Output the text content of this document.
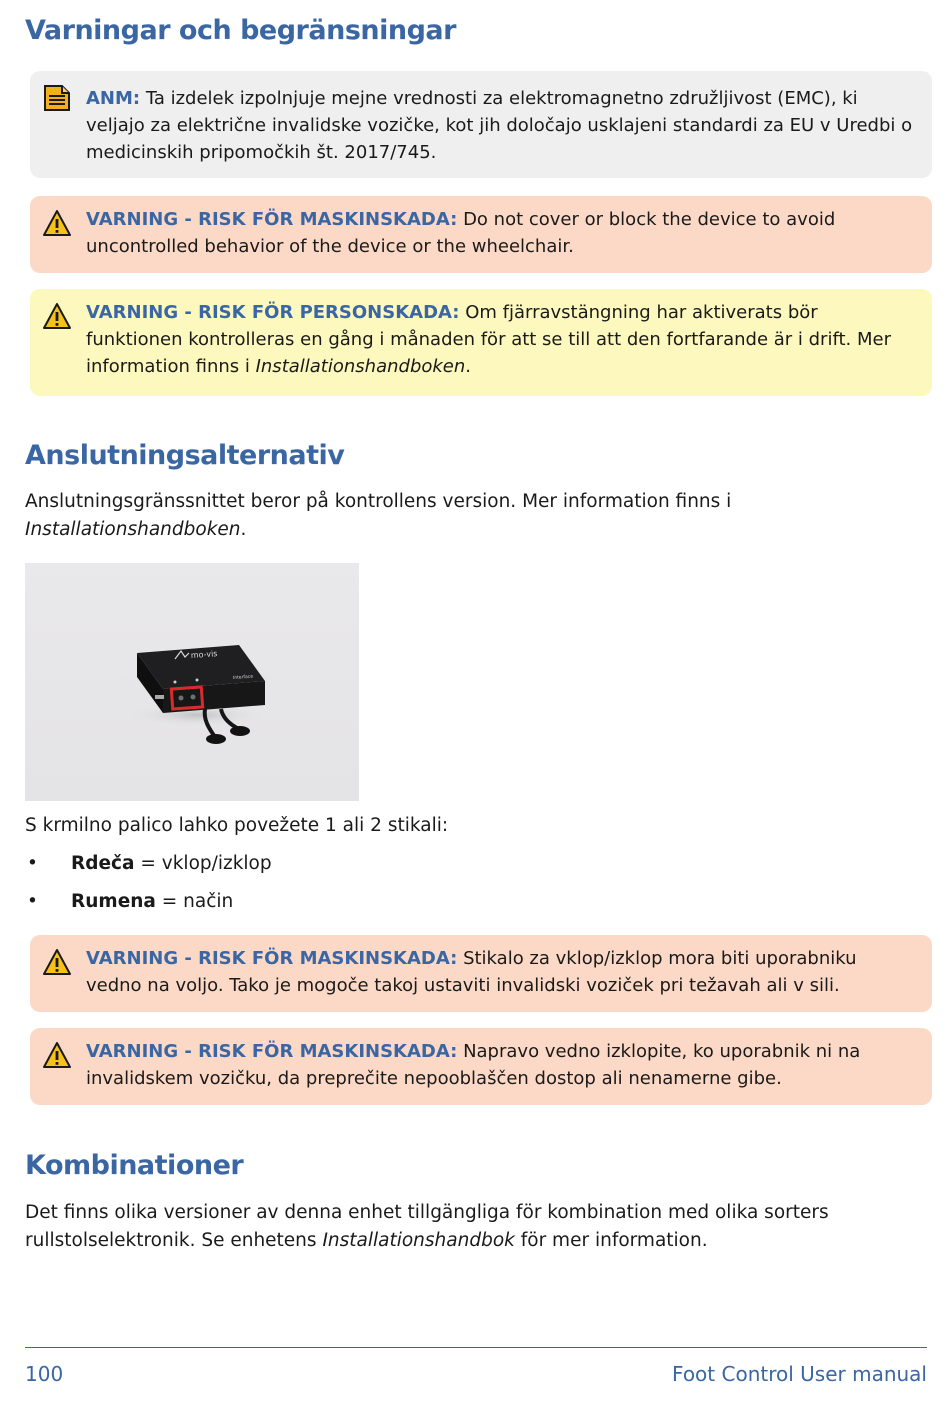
Varningar och begränsningar
ANM: Ta izdelek izpolnjuje mejne vrednosti za elektromagnetno združljivost (EMC), ki veljajo za električne invalidske vozičke, kot jih določajo usklajeni standardi za EU v Uredbi o medicinskih pripomočkih št. 2017/745.
VARNING - RISK FÖR MASKINSKADA: Do not cover or block the device to avoid uncontrolled behavior of the device or the wheelchair.
VARNING - RISK FÖR PERSONSKADA: Om fjärravstängning har aktiverats bör funktionen kontrolleras en gång i månaden för att se till att den fortfarande är i drift. Mer information finns i Installationshandboken.
Anslutningsalternativ
Anslutningsgränssnittet beror på kontrollens version. Mer information finns i Installationshandboken.
mo-vis
Interface
S krmilno palico lahko povežete 1 ali 2 stikali:
• Rdeča = vklop/izklop
• Rumena = način
VARNING - RISK FÖR MASKINSKADA: Stikalo za vklop/izklop mora biti uporabniku vedno na voljo. Tako je mogoče takoj ustaviti invalidski voziček pri težavah ali v sili.
VARNING - RISK FÖR MASKINSKADA: Napravo vedno izklopite, ko uporabnik ni na invalidskem vozičku, da preprečite nepooblaščen dostop ali nenamerne gibe.
Kombinationer
Det finns olika versioner av denna enhet tillgängliga för kombination med olika sorters rullstolselektronik. Se enhetens Installationshandbok för mer information.
100	Foot Control User manual
